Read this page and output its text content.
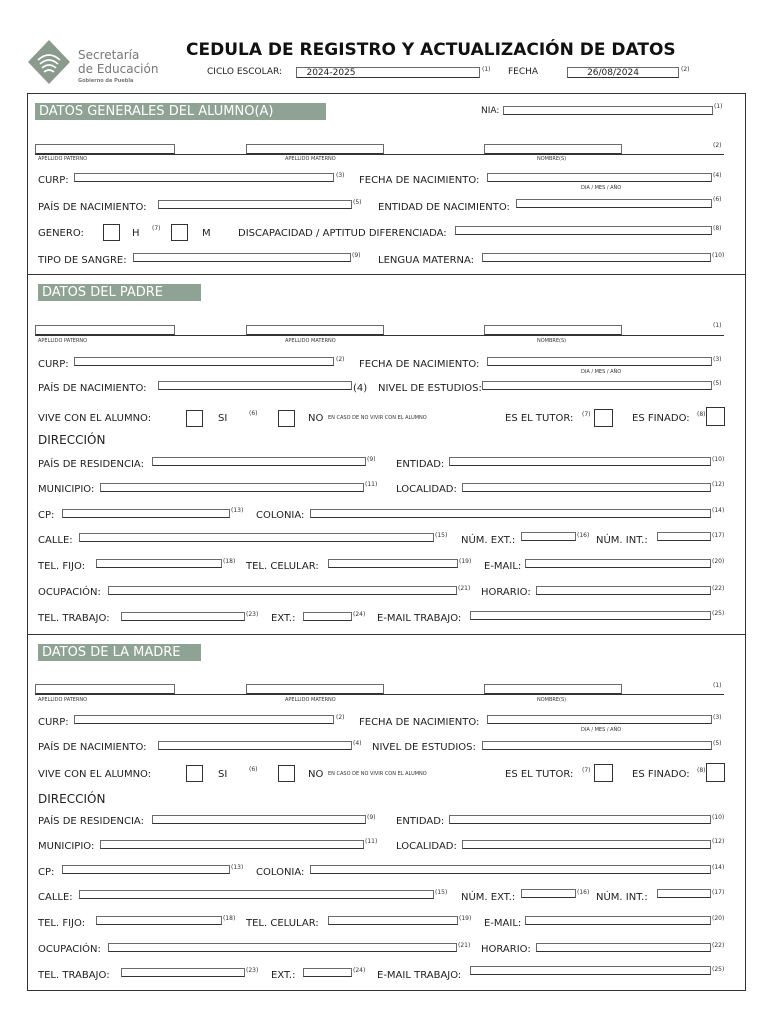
Secretaría
de Educación
Gobierno de Puebla
CEDULA DE REGISTRO Y ACTUALIZACIÓN DE DATOS
CICLO ESCOLAR:	2024-2025	(1) FECHA	26/08/2024	(2)
DATOS GENERALES DEL ALUMNO(A)	NIA:	(1)
(2)
APELLIDO PATERNO	APELLIDO MATERNO	NOMBRE(S)
CURP:	(3) FECHA DE NACIMIENTO:	(4)
DIA / MES / AÑO
PAÍS DE NACIMIENTO:	(5) ENTIDAD DE NACIMIENTO:
(6)
GENERO:	H (7)	M	DISCAPACIDAD / APTITUD DIFERENCIADA:	(8)
TIPO DE SANGRE:	(9) LENGUA MATERNA:	(10)
DATOS DEL PADRE
(1)
APELLIDO PATERNO	APELLIDO MATERNO	NOMBRE(S)
CURP:	(2) FECHA DE NACIMIENTO:	(3)
DIA / MES / AÑO
PAÍS DE NACIMIENTO:	(4) NIVEL DE ESTUDIOS:	(5)
VIVE CON EL ALUMNO:	SI	(6)	NO EN CASO DE NO VIVIR CON EL ALUMNO	ES EL TUTOR: (7)	ES FINADO: (8)
DIRECCIÓN
PAÍS DE RESIDENCIA:	(9) ENTIDAD:	(10)
MUNICIPIO:	(11) LOCALIDAD:	(12)
CP:	(13) COLONIA:	(14)
CALLE:	(15) NÚM. EXT.:	(16) NÚM. INT.:	(17)
TEL. FIJO:	(18) TEL. CELULAR:	(19) E-MAIL:	(20)
OCUPACIÓN:	(21) HORARIO:	(22)
TEL. TRABAJO:	(23) EXT.:	(24) E-MAIL TRABAJO:	(25)
DATOS DE LA MADRE
(1)
APELLIDO PATERNO	APELLIDO MATERNO	NOMBRE(S)
CURP:	(2) FECHA DE NACIMIENTO:	(3)
DIA / MES / AÑO
PAÍS DE NACIMIENTO:	(4) NIVEL DE ESTUDIOS:	(5)
VIVE CON EL ALUMNO:	SI	(6)	NO EN CASO DE NO VIVIR CON EL ALUMNO	ES EL TUTOR: (7)	ES FINADO: (8)
DIRECCIÓN
PAÍS DE RESIDENCIA:	(9) ENTIDAD:	(10)
MUNICIPIO:	(11) LOCALIDAD:	(12)
CP:	(13) COLONIA:	(14)
CALLE:	(15) NÚM. EXT.:	(16) NÚM. INT.:	(17)
TEL. FIJO:	(18) TEL. CELULAR:	(19) E-MAIL:	(20)
OCUPACIÓN:	(21) HORARIO:	(22)
TEL. TRABAJO:	(23) EXT.:	(24) E-MAIL TRABAJO:
(25)
